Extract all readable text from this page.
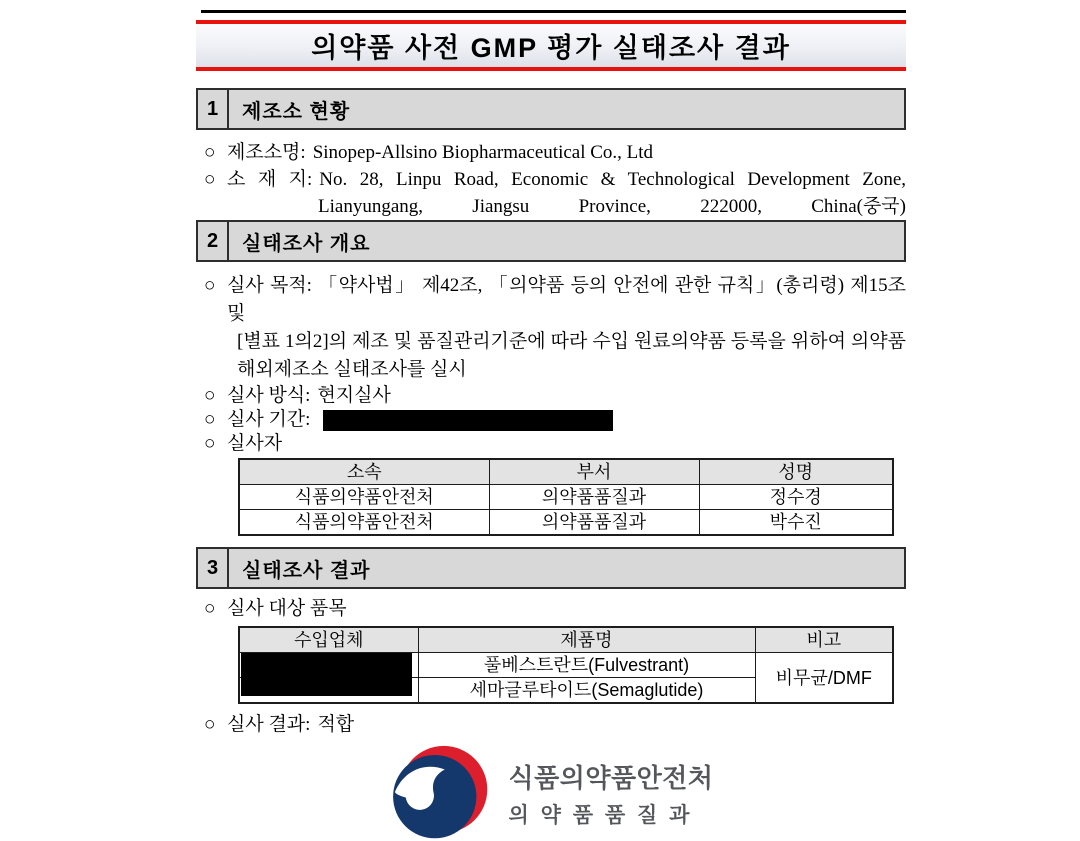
의약품 사전 GMP 평가 실태조사 결과
1	제조소 현황
○ 제조소명: Sinopep-Allsino Biopharmaceutical Co., Ltd
○ 소 재 지: No. 28, Linpu Road, Economic & Technological Development Zone,
Lianyungang, Jiangsu Province, 222000, China(중국)
2	실태조사 개요
○ 실사 목적: 「약사법」 제42조, 「의약품 등의 안전에 관한 규칙」(총리령) 제15조 및
[별표 1의2]의 제조 및 품질관리기준에 따라 수입 원료의약품 등록을 위하여 의약품
해외제조소 실태조사를 실시
○ 실사 방식: 현지실사
○ 실사 기간:
○ 실사자
소속	부서	성명
식품의약품안전처	의약품품질과	정수경
식품의약품안전처	의약품품질과	박수진
3	실태조사 결과
○ 실사 대상 품목
수입업체	제품명	비고
	풀베스트란트(Fulvestrant)	비무균/DMF
	세마글루타이드(Semaglutide)	
○ 실사 결과: 적합
식품의약품안전처
의 약 품 품 질 과
